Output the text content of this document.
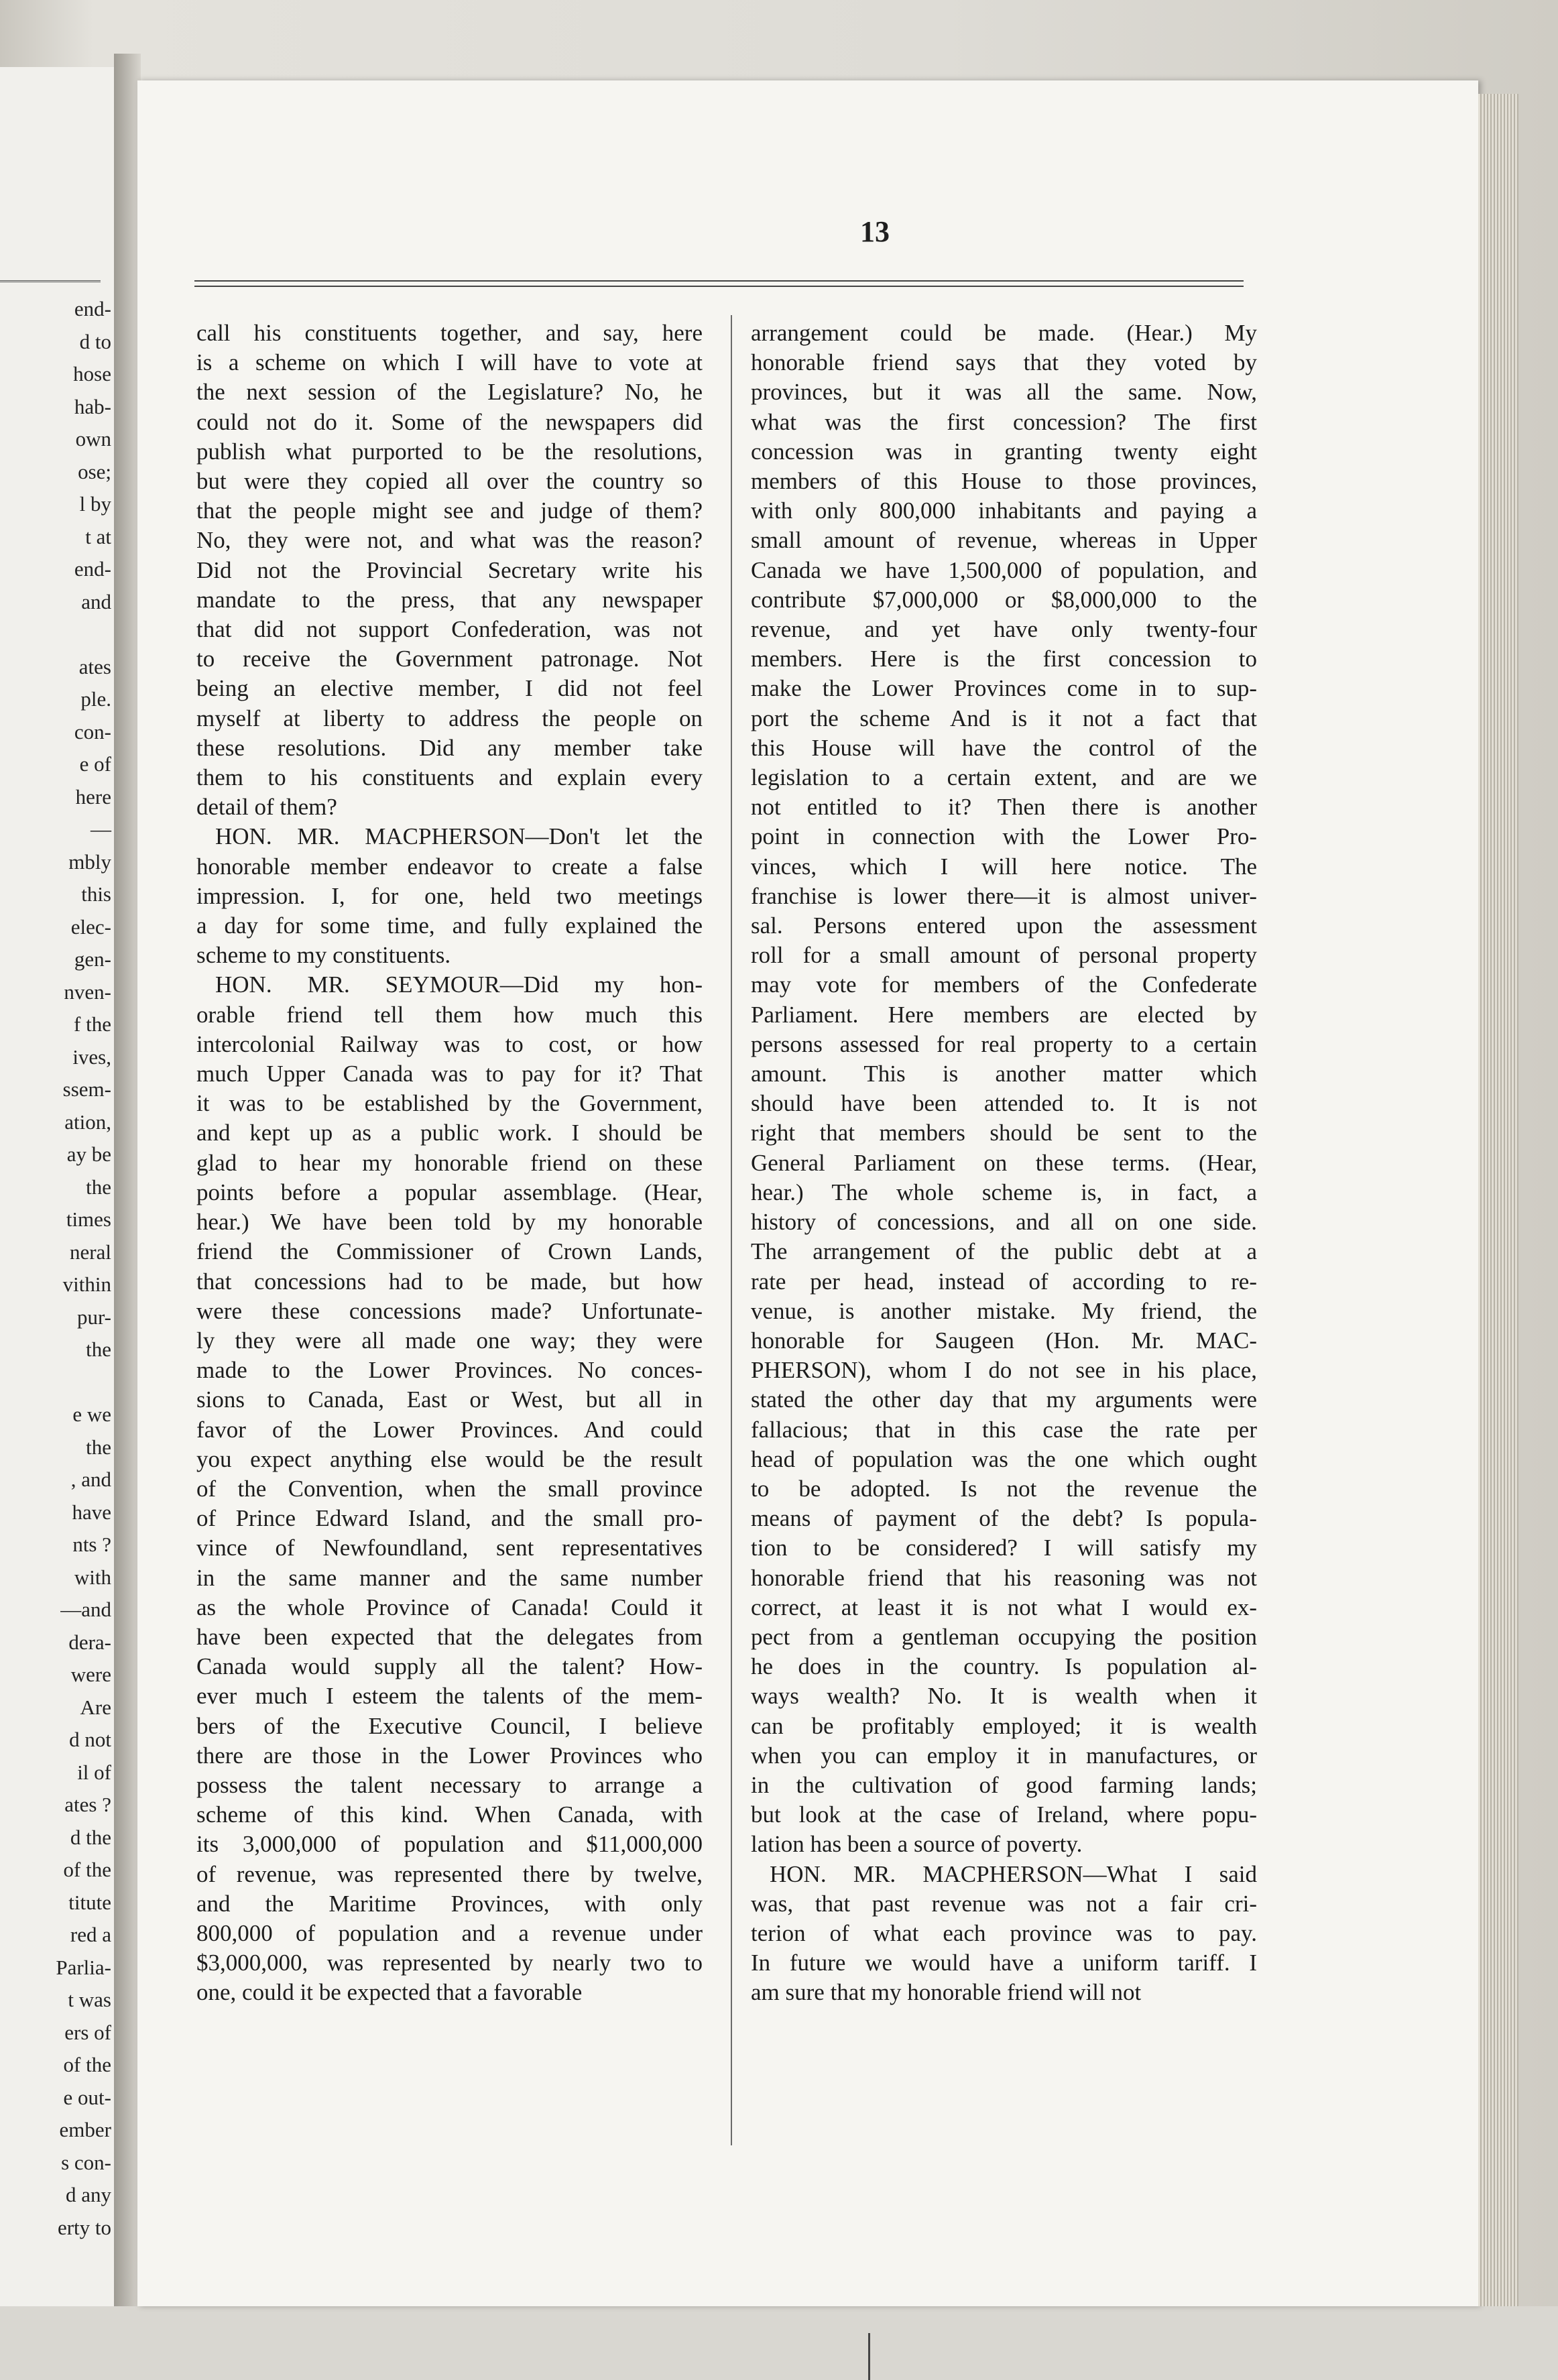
end-
d to
hose
hab-
own
ose;
l by
t at
end-
and
ates
ple.
con-
e of
here
—
mbly
this
elec-
gen-
nven-
f the
ives,
ssem-
ation,
ay be
the
times
neral
vithin
pur-
the
e we
the
, and
have
nts ?
with
—and
dera-
were
Are
d not
il of
ates ?
d the
of the
titute
red a
Parlia-
t was
ers of
of the
e out-
ember
s con-
d any
erty to
13
call his constituents together, and say, here
is a scheme on which I will have to vote at
the next session of the Legislature? No, he
could not do it. Some of the newspapers did
publish what purported to be the resolutions,
but were they copied all over the country so
that the people might see and judge of them?
No, they were not, and what was the reason?
Did not the Provincial Secretary write his
mandate to the press, that any newspaper
that did not support Confederation, was not
to receive the Government patronage. Not
being an elective member, I did not feel
myself at liberty to address the people on
these resolutions. Did any member take
them to his constituents and explain every
detail of them?
HON. MR. MACPHERSON—Don't let the
honorable member endeavor to create a false
impression. I, for one, held two meetings
a day for some time, and fully explained the
scheme to my constituents.
HON. MR. SEYMOUR—Did my hon-
orable friend tell them how much this
intercolonial Railway was to cost, or how
much Upper Canada was to pay for it? That
it was to be established by the Government,
and kept up as a public work. I should be
glad to hear my honorable friend on these
points before a popular assemblage. (Hear,
hear.) We have been told by my honorable
friend the Commissioner of Crown Lands,
that concessions had to be made, but how
were these concessions made? Unfortunate-
ly they were all made one way; they were
made to the Lower Provinces. No conces-
sions to Canada, East or West, but all in
favor of the Lower Provinces. And could
you expect anything else would be the result
of the Convention, when the small province
of Prince Edward Island, and the small pro-
vince of Newfoundland, sent representatives
in the same manner and the same number
as the whole Province of Canada! Could it
have been expected that the delegates from
Canada would supply all the talent? How-
ever much I esteem the talents of the mem-
bers of the Executive Council, I believe
there are those in the Lower Provinces who
possess the talent necessary to arrange a
scheme of this kind. When Canada, with
its 3,000,000 of population and $11,000,000
of revenue, was represented there by twelve,
and the Maritime Provinces, with only
800,000 of population and a revenue under
$3,000,000, was represented by nearly two to
one, could it be expected that a favorable
arrangement could be made. (Hear.) My
honorable friend says that they voted by
provinces, but it was all the same. Now,
what was the first concession? The first
concession was in granting twenty eight
members of this House to those provinces,
with only 800,000 inhabitants and paying a
small amount of revenue, whereas in Upper
Canada we have 1,500,000 of population, and
contribute $7,000,000 or $8,000,000 to the
revenue, and yet have only twenty-four
members. Here is the first concession to
make the Lower Provinces come in to sup-
port the scheme And is it not a fact that
this House will have the control of the
legislation to a certain extent, and are we
not entitled to it? Then there is another
point in connection with the Lower Pro-
vinces, which I will here notice. The
franchise is lower there—it is almost univer-
sal. Persons entered upon the assessment
roll for a small amount of personal property
may vote for members of the Confederate
Parliament. Here members are elected by
persons assessed for real property to a certain
amount. This is another matter which
should have been attended to. It is not
right that members should be sent to the
General Parliament on these terms. (Hear,
hear.) The whole scheme is, in fact, a
history of concessions, and all on one side.
The arrangement of the public debt at a
rate per head, instead of according to re-
venue, is another mistake. My friend, the
honorable for Saugeen (Hon. Mr. MAC-
PHERSON), whom I do not see in his place,
stated the other day that my arguments were
fallacious; that in this case the rate per
head of population was the one which ought
to be adopted. Is not the revenue the
means of payment of the debt? Is popula-
tion to be considered? I will satisfy my
honorable friend that his reasoning was not
correct, at least it is not what I would ex-
pect from a gentleman occupying the position
he does in the country. Is population al-
ways wealth? No. It is wealth when it
can be profitably employed; it is wealth
when you can employ it in manufactures, or
in the cultivation of good farming lands;
but look at the case of Ireland, where popu-
lation has been a source of poverty.
HON. MR. MACPHERSON—What I said
was, that past revenue was not a fair cri-
terion of what each province was to pay.
In future we would have a uniform tariff. I
am sure that my honorable friend will not
